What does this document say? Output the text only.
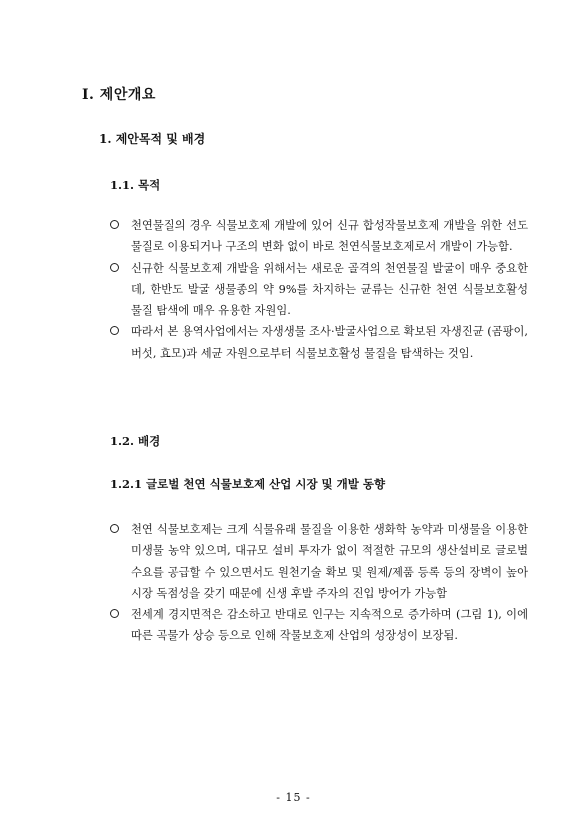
Ⅰ. 제안개요
1. 제안목적 및 배경
1.1. 목적
천연물질의 경우 식물보호제 개발에 있어 신규 합성작물보호제 개발을 위한 선도물질로 이용되거나 구조의 변화 없이 바로 천연식물보호제로서 개발이 가능함.
신규한 식물보호제 개발을 위해서는 새로운 골격의 천연물질 발굴이 매우 중요한데, 한반도 발굴 생물종의 약 9%를 차지하는 균류는 신규한 천연 식물보호활성 물질 탐색에 매우 유용한 자원임.
따라서 본 용역사업에서는 자생생물 조사·발굴사업으로 확보된 자생진균 (곰팡이, 버섯, 효모)과 세균 자원으로부터 식물보호활성 물질을 탐색하는 것임.
1.2. 배경
1.2.1 글로벌 천연 식물보호제 산업 시장 및 개발 동향
천연 식물보호제는 크게 식물유래 물질을 이용한 생화학 농약과 미생물을 이용한 미생물 농약 있으며, 대규모 설비 투자가 없이 적절한 규모의 생산설비로 글로벌 수요를 공급할 수 있으면서도 원천기술 확보 및 원제/제품 등록 등의 장벽이 높아 시장 독점성을 갖기 때문에 신생 후발 주자의 진입 방어가 가능함
전세계 경지면적은 감소하고 반대로 인구는 지속적으로 증가하며 (그림 1), 이에 따른 곡물가 상승 등으로 인해 작물보호제 산업의 성장성이 보장됨.
- 15 -
